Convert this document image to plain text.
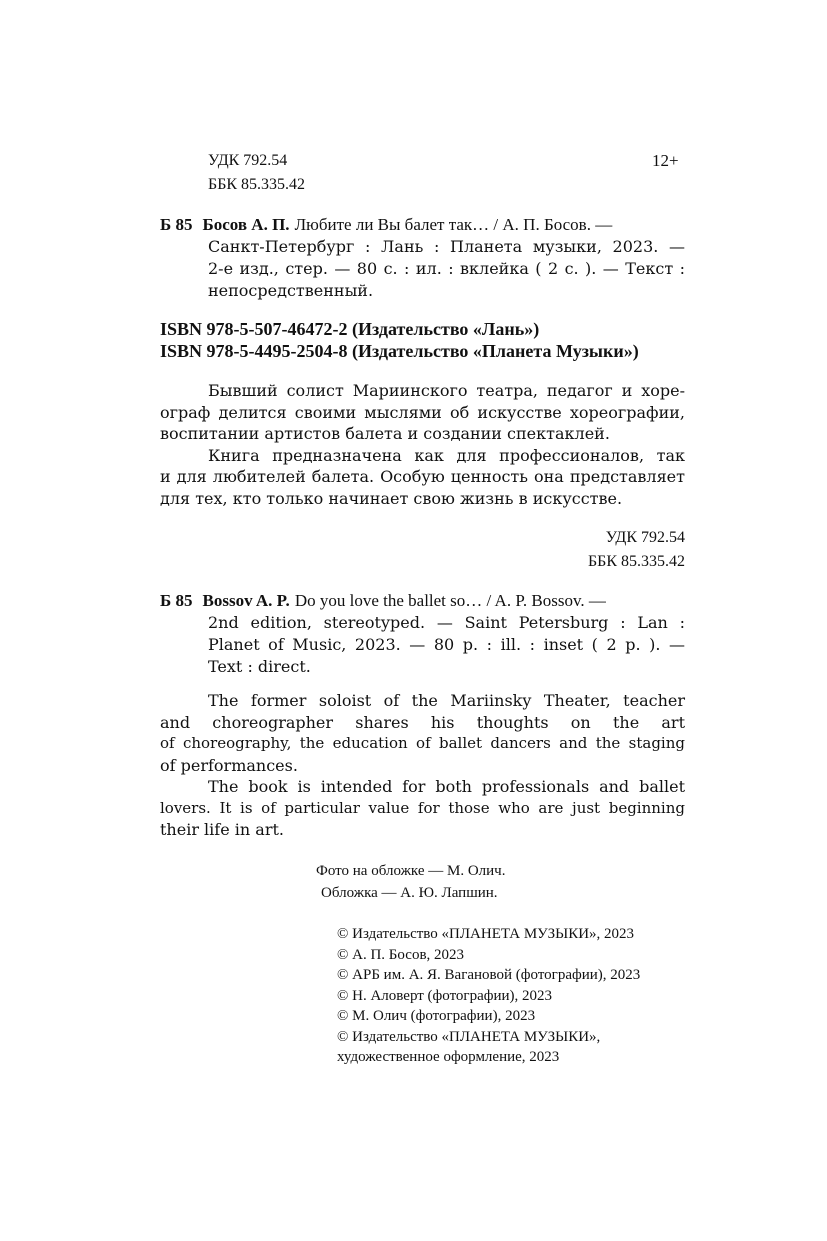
УДК 792.54
ББК 85.335.42
12+
Б 85 Босов А. П. Любите ли Вы балет так… / А. П. Босов. —
Санкт-Петербург : Лань : Планета музыки, 2023. —
2-е изд., стер. — 80 с. : ил. : вклейка ( 2 с. ). — Текст :
непосредственный.
ISBN 978-5-507-46472-2 (Издательство «Лань»)
ISBN 978-5-4495-2504-8 (Издательство «Планета Музыки»)
Бывший солист Мариинского театра, педагог и хоре-
ограф делится своими мыслями об искусстве хореографии,
воспитании артистов балета и создании спектаклей.
Книга предназначена как для профессионалов, так
и для любителей балета. Особую ценность она представляет
для тех, кто только начинает свою жизнь в искусстве.
УДК 792.54
ББК 85.335.42
Б 85 Bossov A. P. Do you love the ballet so… / A. P. Bossov. —
2nd edition, stereotyped. — Saint Petersburg : Lan :
Planet of Music, 2023. — 80 p. : ill. : inset ( 2 p. ). —
Text : direct.
The former soloist of the Mariinsky Theater, teacher
and choreographer shares his thoughts on the art
of choreography, the education of ballet dancers and the staging
of performances.
The book is intended for both professionals and ballet
lovers. It is of particular value for those who are just beginning
their life in art.
Фото на обложке — М. Олич.
Обложка — А. Ю. Лапшин.
© Издательство «ПЛАНЕТА МУЗЫКИ», 2023
© А. П. Босов, 2023
© АРБ им. А. Я. Вагановой (фотографии), 2023
© Н. Аловерт (фотографии), 2023
© М. Олич (фотографии), 2023
© Издательство «ПЛАНЕТА МУЗЫКИ»,
художественное оформление, 2023
